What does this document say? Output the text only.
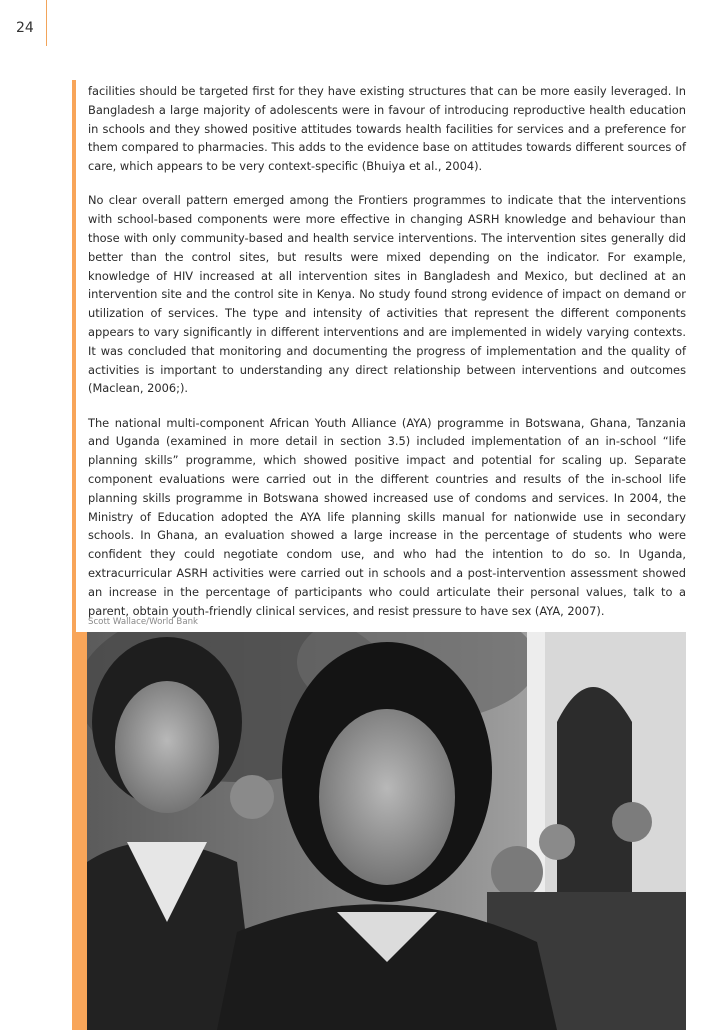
24

facilities should be targeted first for they have existing structures that can be more easily leveraged. In Bangladesh a large majority of adolescents were in favour of introducing reproductive health education in schools and they showed positive attitudes towards health facilities for services and a preference for them compared to pharmacies. This adds to the evidence base on attitudes towards different sources of care, which appears to be very context-specific (Bhuiya et al., 2004).

No clear overall pattern emerged among the Frontiers programmes to indicate that the interventions with school-based components were more effective in changing ASRH knowledge and behaviour than those with only community-based and health service interventions. The intervention sites generally did better than the control sites, but results were mixed depending on the indicator. For example, knowledge of HIV increased at all intervention sites in Bangladesh and Mexico, but declined at an intervention site and the control site in Kenya. No study found strong evidence of impact on demand or utilization of services. The type and intensity of activities that represent the different components appears to vary significantly in different interventions and are implemented in widely varying contexts. It was concluded that monitoring and documenting the progress of implementation and the quality of activities is important to understanding any direct relationship between interventions and outcomes (Maclean, 2006;).

The national multi-component African Youth Alliance (AYA) programme in Botswana, Ghana, Tanzania and Uganda (examined in more detail in section 3.5) included implementation of an in-school “life planning skills” programme, which showed positive impact and potential for scaling up. Separate component evaluations were carried out in the different countries and results of the in-school life planning skills programme in Botswana showed increased use of condoms and services. In 2004, the Ministry of Education adopted the AYA life planning skills manual for nationwide use in secondary schools. In Ghana, an evaluation showed a large increase in the percentage of students who were confident they could negotiate condom use, and who had the intention to do so. In Uganda, extracurricular ASRH activities were carried out in schools and a post-intervention assessment showed an increase in the percentage of participants who could articulate their personal values, talk to a parent, obtain youth-friendly clinical services, and resist pressure to have sex (AYA, 2007).

Scott Wallace/World Bank
